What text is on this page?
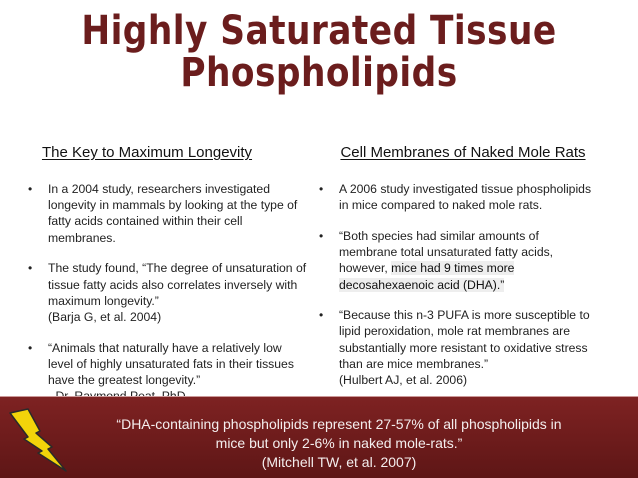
Highly Saturated Tissue
Phospholipids
The Key to Maximum Longevity
• In a 2004 study, researchers investigated
longevity in mammals by looking at the type of
fatty acids contained within their cell
membranes.
• The study found, “The degree of unsaturation of
tissue fatty acids also correlates inversely with
maximum longevity.”
(Barja G, et al. 2004)
• “Animals that naturally have a relatively low
level of highly unsaturated fats in their tissues
have the greatest longevity.”
Cell Membranes of Naked Mole Rats
• A 2006 study investigated tissue phospholipids
in mice compared to naked mole rats.
• “Both species had similar amounts of
membrane total unsaturated fatty acids,
however, mice had 9 times more
decosahexaenoic acid (DHA).”
• “Because this n-3 PUFA is more susceptible to
lipid peroxidation, mole rat membranes are
substantially more resistant to oxidative stress
than are mice membranes.”
(Hulbert AJ, et al. 2006)
“DHA-containing phospholipids represent 27-57% of all phospholipids in
mice but only 2-6% in naked mole-rats.”
(Mitchell TW, et al. 2007)
